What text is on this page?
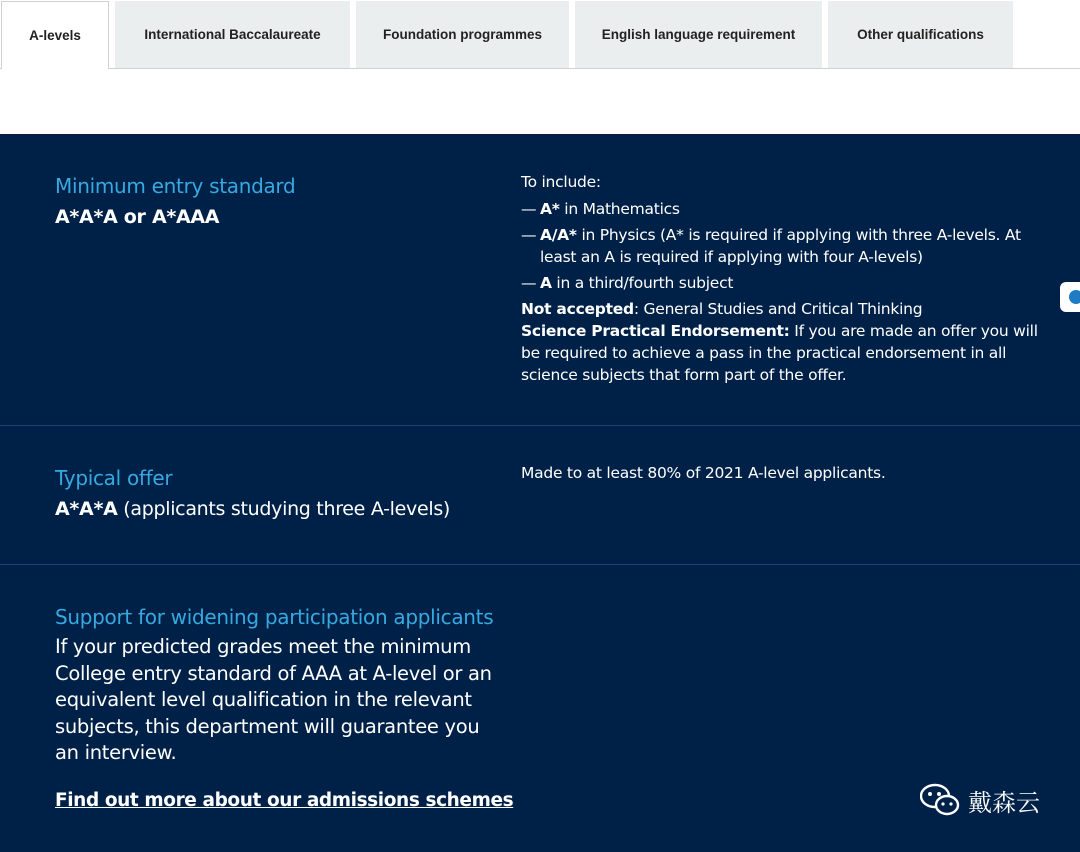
A-levels	International Baccalaureate	Foundation programmes	English language requirement	Other qualifications
Minimum entry standard
A*A*A or A*AAA
To include:
— A* in Mathematics
— A/A* in Physics (A* is required if applying with three A-levels. At least an A is required if applying with four A-levels)
— A in a third/fourth subject
Not accepted: General Studies and Critical Thinking
Science Practical Endorsement: If you are made an offer you will be required to achieve a pass in the practical endorsement in all science subjects that form part of the offer.
Typical offer
A*A*A (applicants studying three A-levels)
Made to at least 80% of 2021 A-level applicants.
Support for widening participation applicants
If your predicted grades meet the minimum College entry standard of AAA at A-level or an equivalent level qualification in the relevant subjects, this department will guarantee you an interview.
Find out more about our admissions schemes	戴森云
